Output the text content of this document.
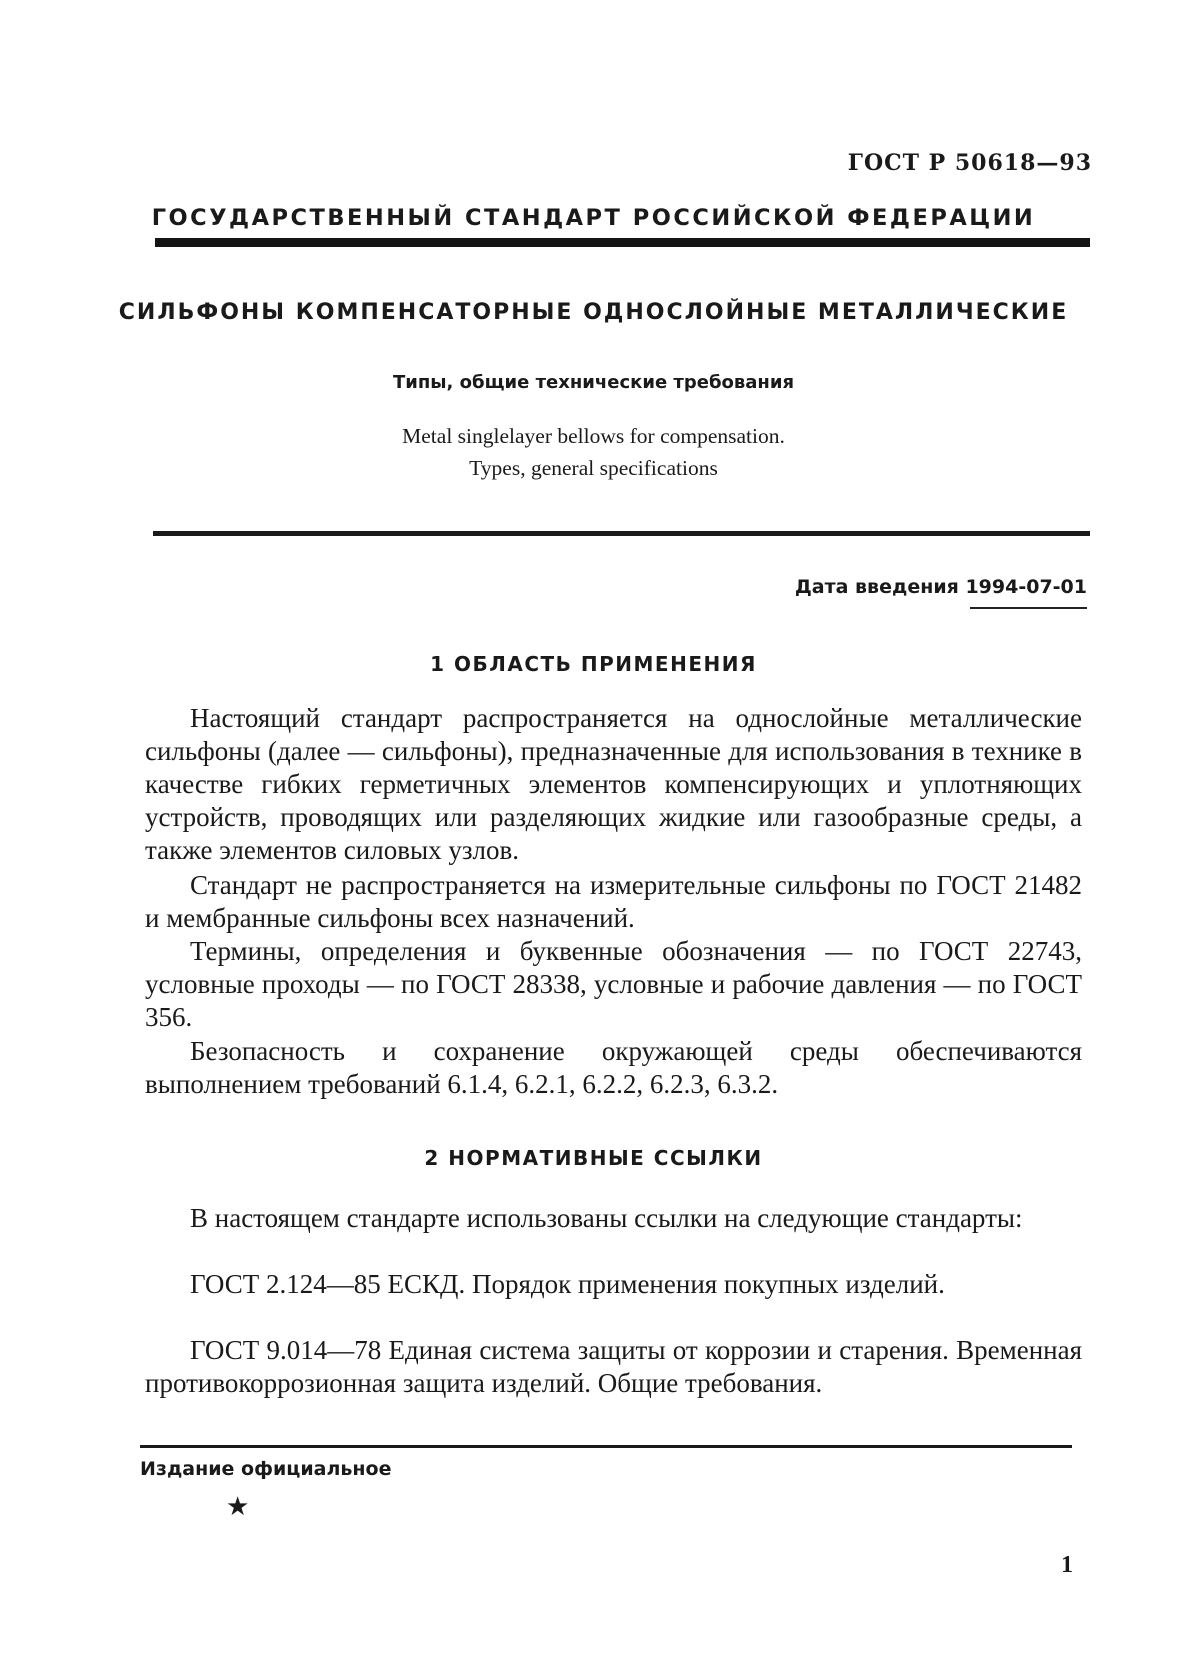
ГОСТ Р 50618—93
ГОСУДАРСТВЕННЫЙ СТАНДАРТ РОССИЙСКОЙ ФЕДЕРАЦИИ
СИЛЬФОНЫ КОМПЕНСАТОРНЫЕ ОДНОСЛОЙНЫЕ МЕТАЛЛИЧЕСКИЕ
Типы, общие технические требования
Metal singlelayer bellows for compensation.
Types, general specifications
Дата введения 1994-07-01
1 ОБЛАСТЬ ПРИМЕНЕНИЯ

Настоящий стандарт распространяется на однослойные металлические сильфоны (далее — сильфоны), предназначенные для использования в технике в качестве гибких герметичных элементов компенсирующих и уплотняющих устройств, проводящих или разделяющих жидкие или газообразные среды, а также элементов силовых узлов.

Стандарт не распространяется на измерительные сильфоны по ГОСТ 21482 и мембранные сильфоны всех назначений.

Термины, определения и буквенные обозначения — по ГОСТ 22743, условные проходы — по ГОСТ 28338, условные и рабочие давления — по ГОСТ 356.

Безопасность и сохранение окружающей среды обеспечиваются выполнением требований 6.1.4, 6.2.1, 6.2.2, 6.2.3, 6.3.2.

2 НОРМАТИВНЫЕ ССЫЛКИ

В настоящем стандарте использованы ссылки на следующие стандарты:

ГОСТ 2.124—85 ЕСКД. Порядок применения покупных изделий.

ГОСТ 9.014—78 Единая система защиты от коррозии и старения. Временная противокоррозионная защита изделий. Общие требования.

Издание официальное
★
1
